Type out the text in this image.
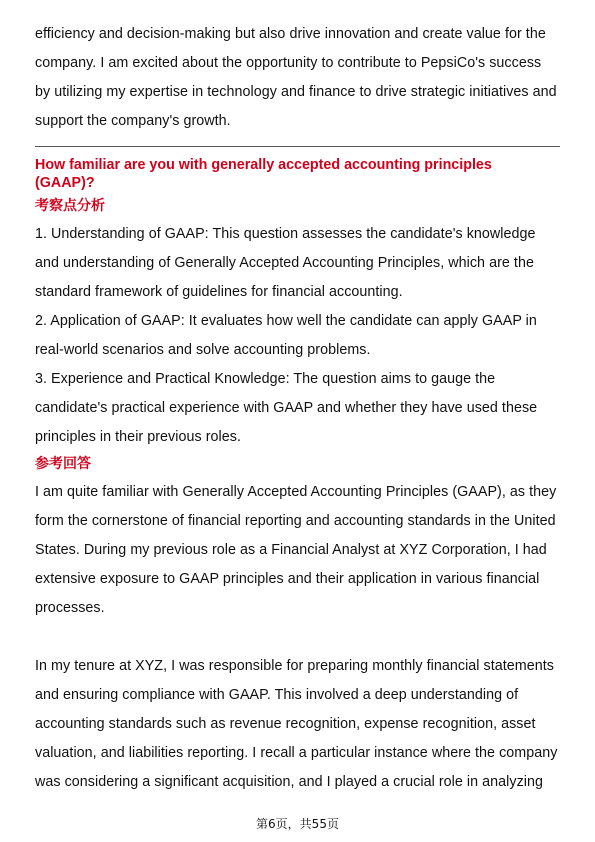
efficiency and decision-making but also drive innovation and create value for the

company. I am excited about the opportunity to contribute to PepsiCo's success

by utilizing my expertise in technology and finance to drive strategic initiatives and

support the company's growth.

How familiar are you with generally accepted accounting principles

(GAAP)?

考察点分析

1. Understanding of GAAP: This question assesses the candidate's knowledge

and understanding of Generally Accepted Accounting Principles, which are the

standard framework of guidelines for financial accounting.

2. Application of GAAP: It evaluates how well the candidate can apply GAAP in

real-world scenarios and solve accounting problems.

3. Experience and Practical Knowledge: The question aims to gauge the

candidate's practical experience with GAAP and whether they have used these

principles in their previous roles.

参考回答

I am quite familiar with Generally Accepted Accounting Principles (GAAP), as they

form the cornerstone of financial reporting and accounting standards in the United

States. During my previous role as a Financial Analyst at XYZ Corporation, I had

extensive exposure to GAAP principles and their application in various financial

processes.

In my tenure at XYZ, I was responsible for preparing monthly financial statements

and ensuring compliance with GAAP. This involved a deep understanding of

accounting standards such as revenue recognition, expense recognition, asset

valuation, and liabilities reporting. I recall a particular instance where the company

was considering a significant acquisition, and I played a crucial role in analyzing

第6页，共55页
